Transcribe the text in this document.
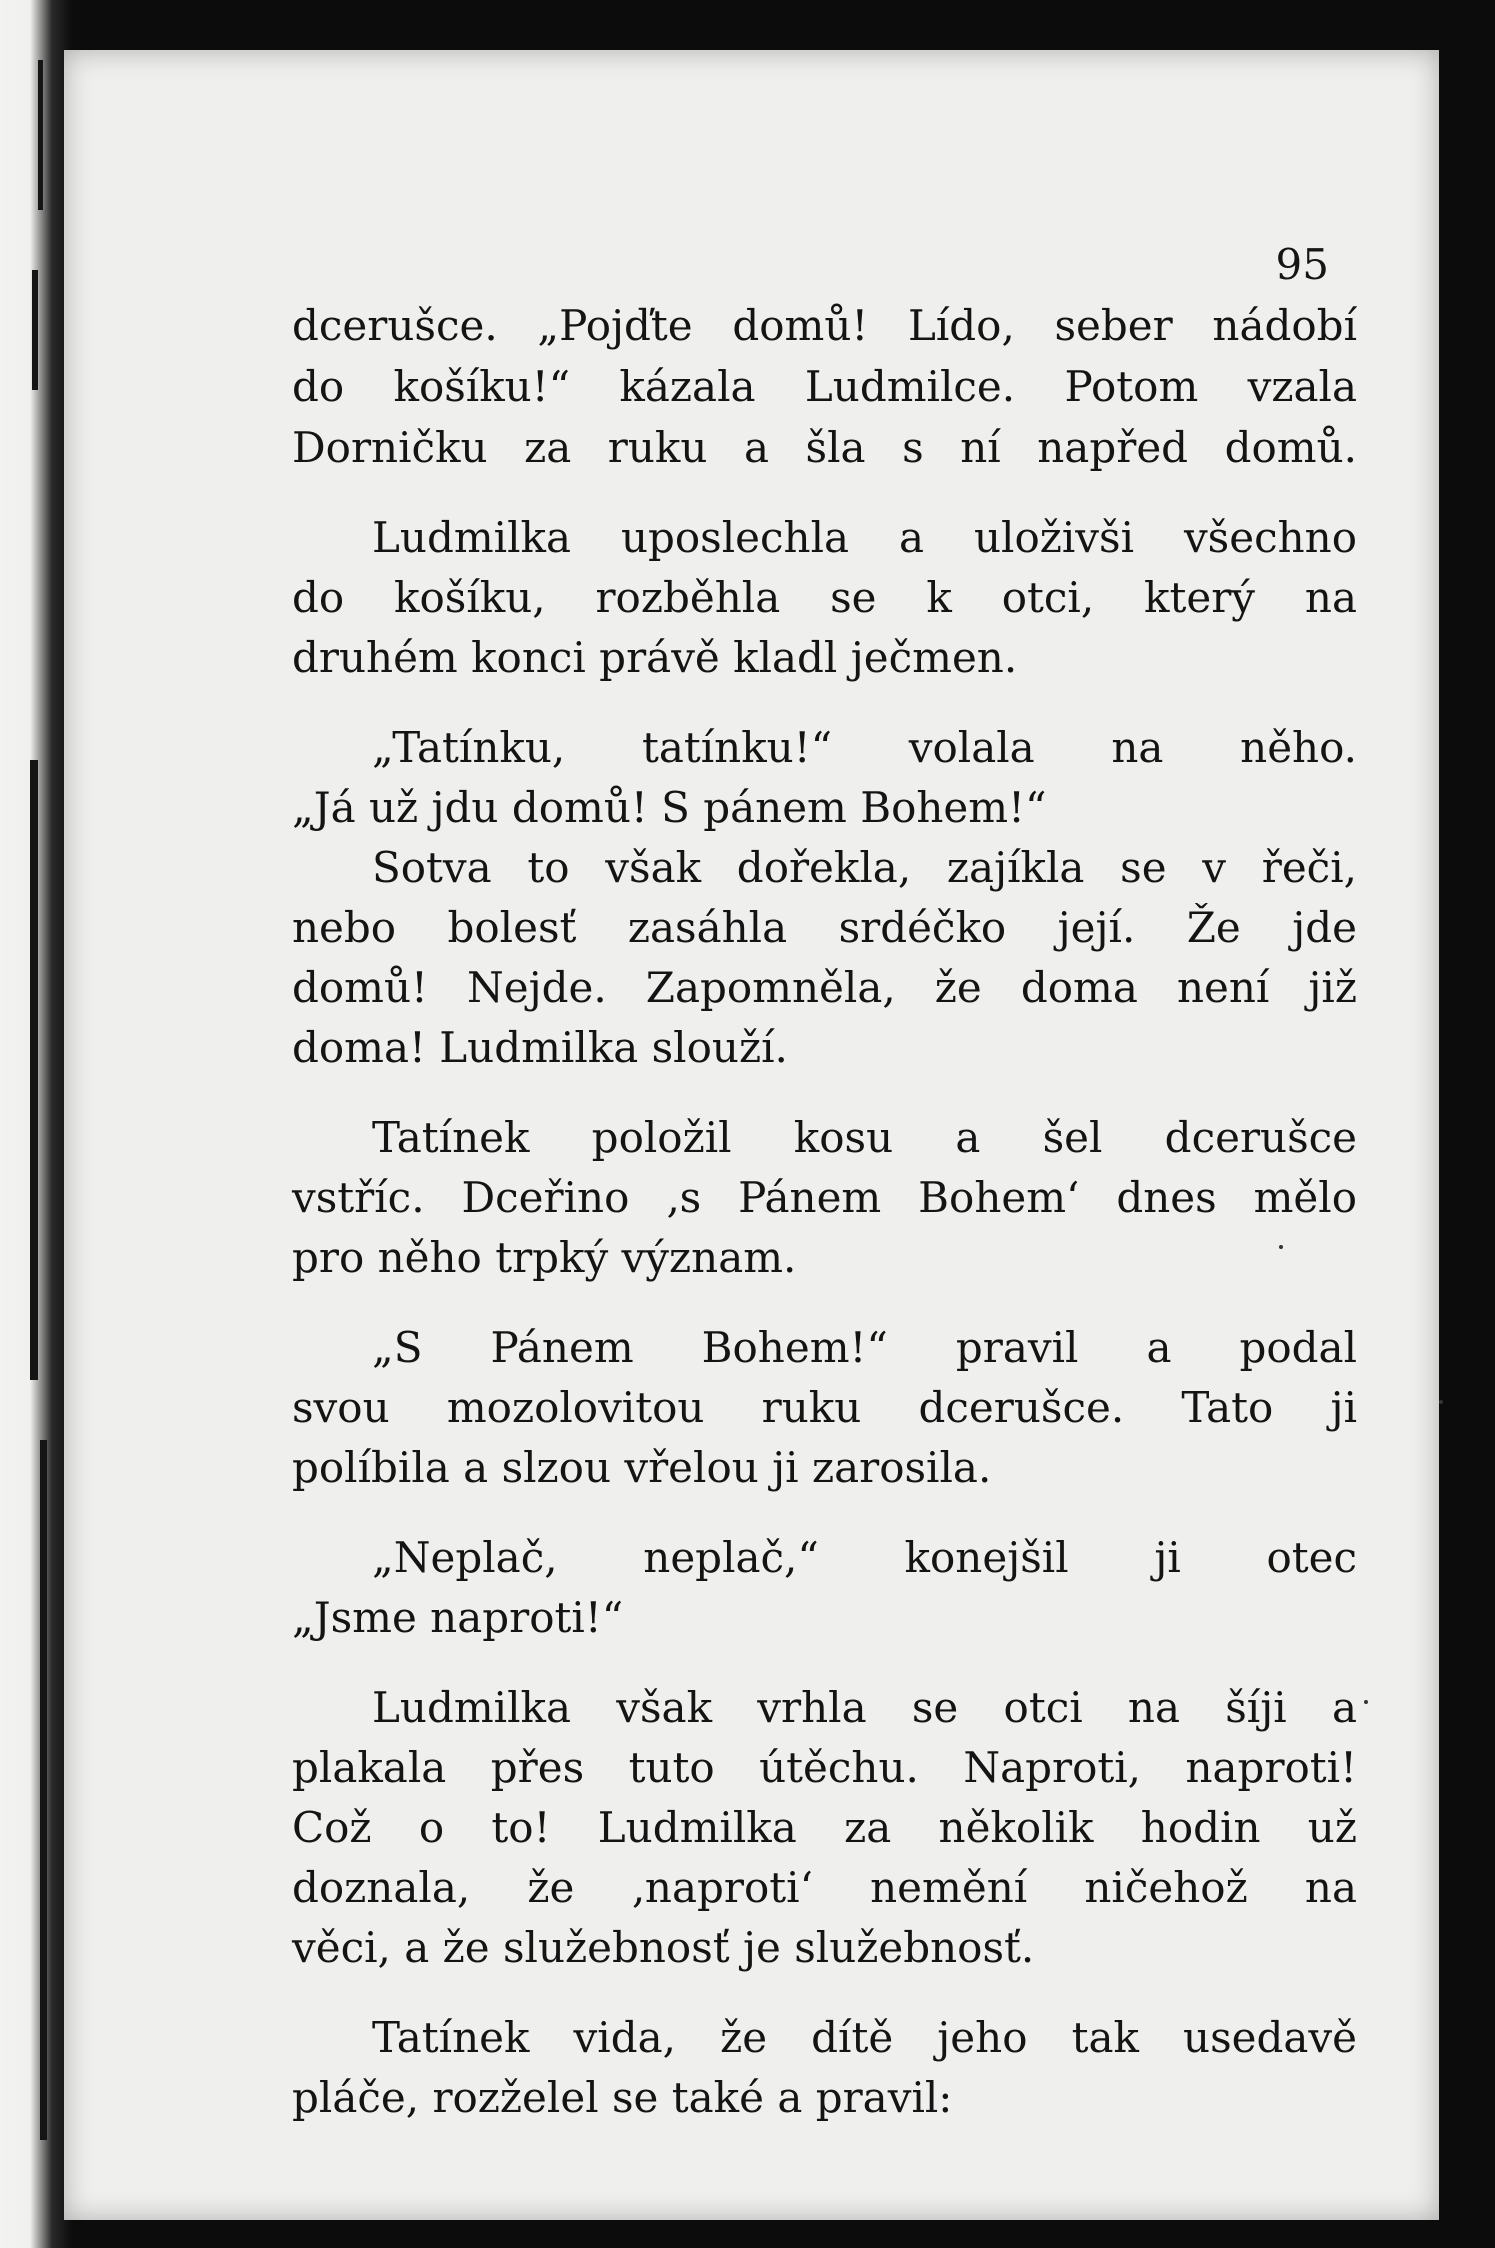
95
dcerušce. „Pojďte domů! Lído, seber nádobí
do košíku!“ kázala Ludmilce. Potom vzala
Dorničku za ruku a šla s ní napřed domů.
Ludmilka uposlechla a uloživši všechno
do košíku, rozběhla se k otci, který na
druhém konci právě kladl ječmen.
„Tatínku, tatínku!“ volala na něho.
„Já už jdu domů! S pánem Bohem!“
Sotva to však dořekla, zajíkla se v řeči,
nebo bolesť zasáhla srdéčko její. Že jde
domů! Nejde. Zapomněla, že doma není již
doma! Ludmilka slouží.
Tatínek položil kosu a šel dcerušce
vstříc. Dceřino ‚s Pánem Bohem‘ dnes mělo
pro něho trpký význam.
„S Pánem Bohem!“ pravil a podal
svou mozolovitou ruku dcerušce. Tato ji
políbila a slzou vřelou ji zarosila.
„Neplač, neplač,“ konejšil ji otec
„Jsme naproti!“
Ludmilka však vrhla se otci na šíji a
plakala přes tuto útěchu. Naproti, naproti!
Což o to! Ludmilka za několik hodin už
doznala, že ‚naproti‘ nemění ničehož na
věci, a že služebnosť je služebnosť.
Tatínek vida, že dítě jeho tak usedavě
pláče, rozželel se také a pravil:
